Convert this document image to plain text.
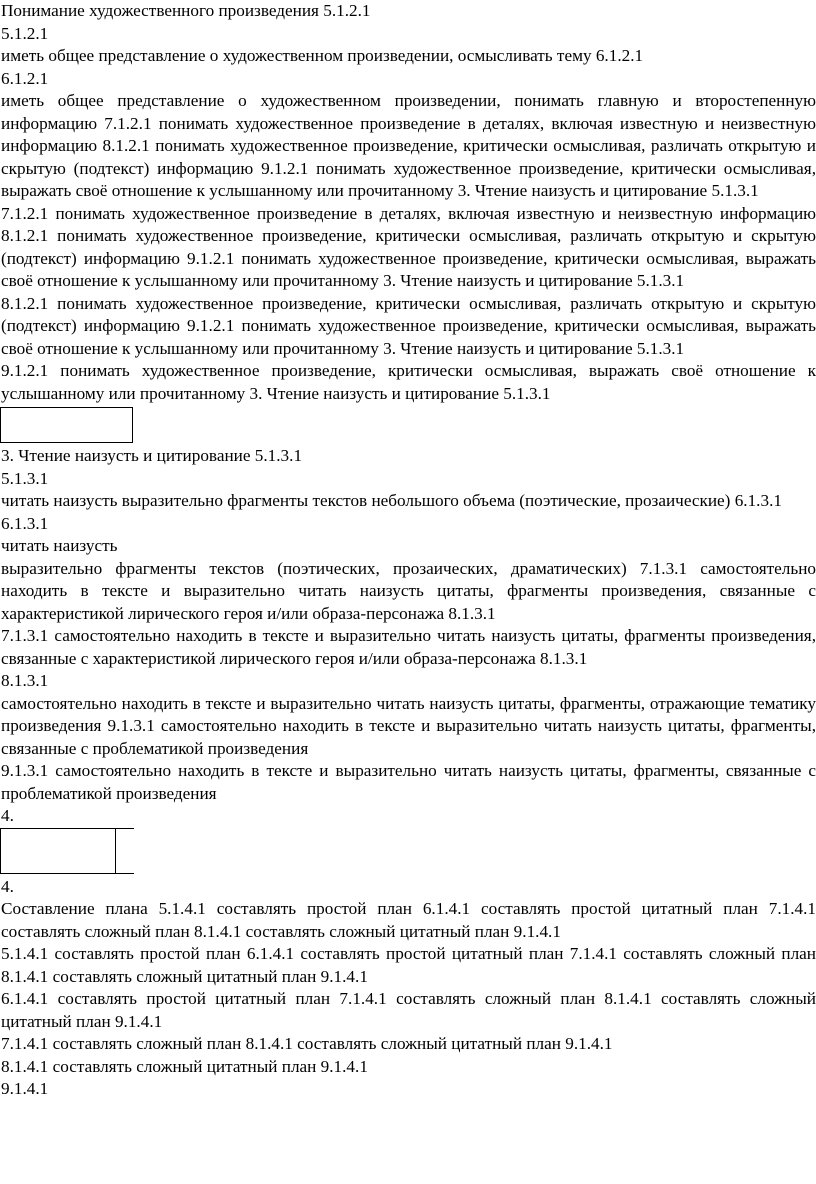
Понимание художественного произведения 5.1.2.1

5.1.2.1

иметь общее представление о художественном произведении, осмысливать тему 6.1.2.1

6.1.2.1

иметь общее представление о художественном произведении, понимать главную и второстепенную информацию 7.1.2.1 понимать художественное произведение в деталях, включая известную и неизвестную информацию 8.1.2.1 понимать художественное произведение, критически осмысливая, различать открытую и скрытую (подтекст) информацию 9.1.2.1 понимать художественное произведение, критически осмысливая, выражать своё отношение к услышанному или прочитанному 3. Чтение наизусть и цитирование 5.1.3.1

7.1.2.1 понимать художественное произведение в деталях, включая известную и неизвестную информацию 8.1.2.1 понимать художественное произведение, критически осмысливая, различать открытую и скрытую (подтекст) информацию 9.1.2.1 понимать художественное произведение, критически осмысливая, выражать своё отношение к услышанному или прочитанному 3. Чтение наизусть и цитирование 5.1.3.1

8.1.2.1 понимать художественное произведение, критически осмысливая, различать открытую и скрытую (подтекст) информацию 9.1.2.1 понимать художественное произведение, критически осмысливая, выражать своё отношение к услышанному или прочитанному 3. Чтение наизусть и цитирование 5.1.3.1

9.1.2.1 понимать художественное произведение, критически осмысливая, выражать своё отношение к услышанному или прочитанному 3. Чтение наизусть и цитирование 5.1.3.1

3. Чтение наизусть и цитирование 5.1.3.1

5.1.3.1

читать наизусть выразительно фрагменты текстов небольшого объема (поэтические, прозаические) 6.1.3.1

6.1.3.1

читать наизусть

выразительно фрагменты текстов (поэтических, прозаических, драматических) 7.1.3.1 самостоятельно находить в тексте и выразительно читать наизусть цитаты, фрагменты произведения, связанные с характеристикой лирического героя и/или образа-персонажа 8.1.3.1

7.1.3.1 самостоятельно находить в тексте и выразительно читать наизусть цитаты, фрагменты произведения, связанные с характеристикой лирического героя и/или образа-персонажа 8.1.3.1

8.1.3.1

самостоятельно находить в тексте и выразительно читать наизусть цитаты, фрагменты, отражающие тематику произведения 9.1.3.1 самостоятельно находить в тексте и выразительно читать наизусть цитаты, фрагменты, связанные с проблематикой произведения

9.1.3.1 самостоятельно находить в тексте и выразительно читать наизусть цитаты, фрагменты, связанные с проблематикой произведения

4.

4.

Составление плана 5.1.4.1 составлять простой план 6.1.4.1 составлять простой цитатный план 7.1.4.1 составлять сложный план 8.1.4.1 составлять сложный цитатный план 9.1.4.1

5.1.4.1 составлять простой план 6.1.4.1 составлять простой цитатный план 7.1.4.1 составлять сложный план 8.1.4.1 составлять сложный цитатный план 9.1.4.1

6.1.4.1 составлять простой цитатный план 7.1.4.1 составлять сложный план 8.1.4.1 составлять сложный цитатный план 9.1.4.1

7.1.4.1 составлять сложный план 8.1.4.1 составлять сложный цитатный план 9.1.4.1

8.1.4.1 составлять сложный цитатный план 9.1.4.1

9.1.4.1
